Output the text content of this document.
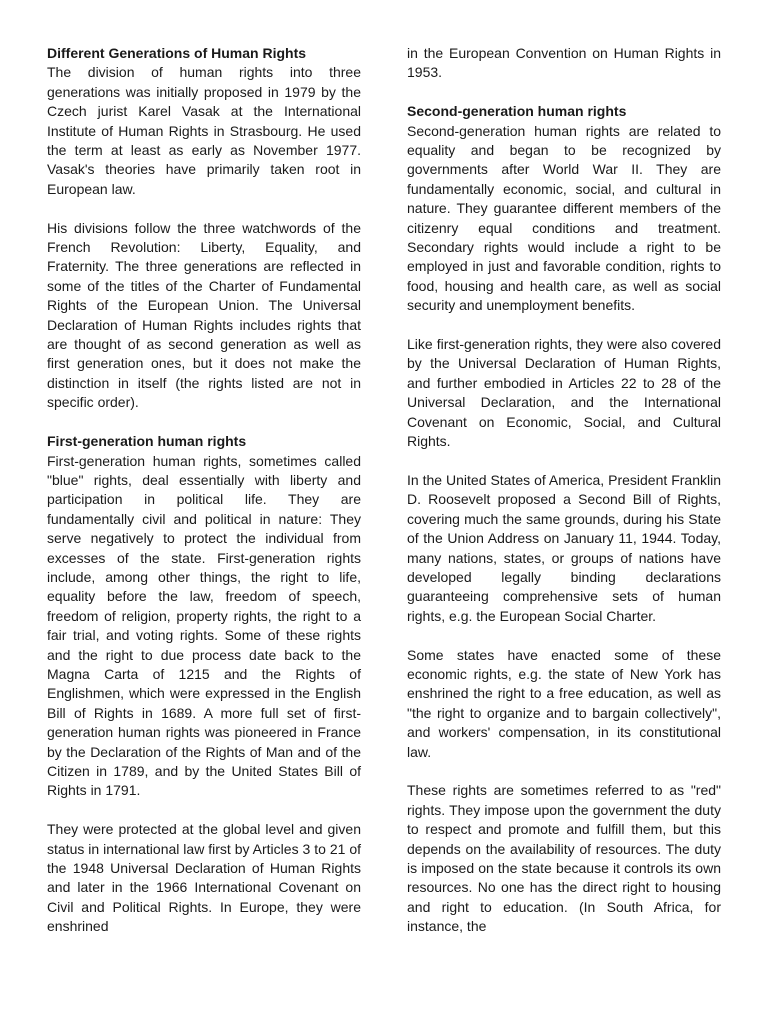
Different Generations of Human Rights

The division of human rights into three generations was initially proposed in 1979 by the Czech jurist Karel Vasak at the International Institute of Human Rights in Strasbourg. He used the term at least as early as November 1977. Vasak's theories have primarily taken root in European law.

His divisions follow the three watchwords of the French Revolution: Liberty, Equality, and Fraternity. The three generations are reflected in some of the titles of the Charter of Fundamental Rights of the European Union. The Universal Declaration of Human Rights includes rights that are thought of as second generation as well as first generation ones, but it does not make the distinction in itself (the rights listed are not in specific order).

First-generation human rights

First-generation human rights, sometimes called "blue" rights, deal essentially with liberty and participation in political life. They are fundamentally civil and political in nature: They serve negatively to protect the individual from excesses of the state. First-generation rights include, among other things, the right to life, equality before the law, freedom of speech, freedom of religion, property rights, the right to a fair trial, and voting rights. Some of these rights and the right to due process date back to the Magna Carta of 1215 and the Rights of Englishmen, which were expressed in the English Bill of Rights in 1689. A more full set of first-generation human rights was pioneered in France by the Declaration of the Rights of Man and of the Citizen in 1789, and by the United States Bill of Rights in 1791.

They were protected at the global level and given status in international law first by Articles 3 to 21 of the 1948 Universal Declaration of Human Rights and later in the 1966 International Covenant on Civil and Political Rights. In Europe, they were enshrined

in the European Convention on Human Rights in 1953.

Second-generation human rights

Second-generation human rights are related to equality and began to be recognized by governments after World War II. They are fundamentally economic, social, and cultural in nature. They guarantee different members of the citizenry equal conditions and treatment. Secondary rights would include a right to be employed in just and favorable condition, rights to food, housing and health care, as well as social security and unemployment benefits.

Like first-generation rights, they were also covered by the Universal Declaration of Human Rights, and further embodied in Articles 22 to 28 of the Universal Declaration, and the International Covenant on Economic, Social, and Cultural Rights.

In the United States of America, President Franklin D. Roosevelt proposed a Second Bill of Rights, covering much the same grounds, during his State of the Union Address on January 11, 1944. Today, many nations, states, or groups of nations have developed legally binding declarations guaranteeing comprehensive sets of human rights, e.g. the European Social Charter.

Some states have enacted some of these economic rights, e.g. the state of New York has enshrined the right to a free education, as well as "the right to organize and to bargain collectively", and workers' compensation, in its constitutional law.

These rights are sometimes referred to as "red" rights. They impose upon the government the duty to respect and promote and fulfill them, but this depends on the availability of resources. The duty is imposed on the state because it controls its own resources. No one has the direct right to housing and right to education. (In South Africa, for instance, the
